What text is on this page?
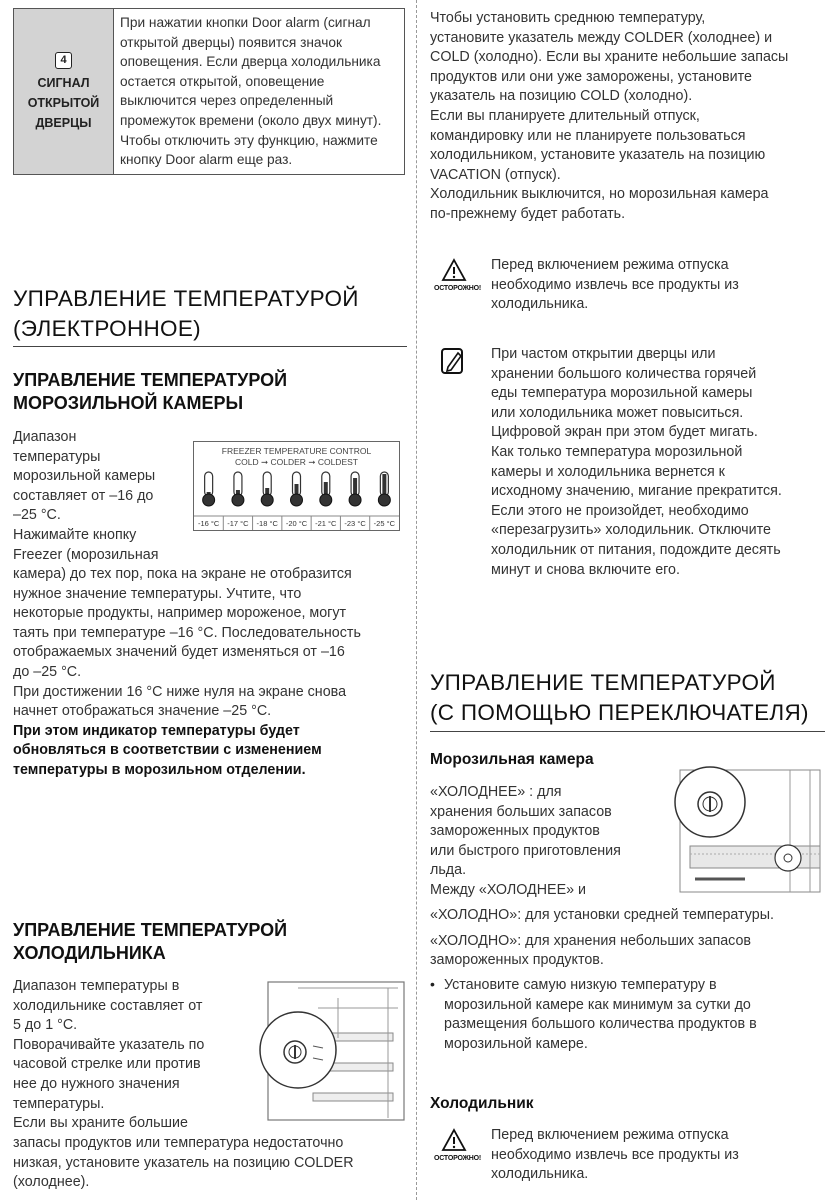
4
СИГНАЛ
ОТКРЫТОЙ
ДВЕРЦЫ	

При нажатии кнопки Door alarm (сигнал

открытой дверцы) появится значок

оповещения. Если дверца холодильника

остается открытой, оповещение

выключится через определенный

промежуток времени (около двух минут).

Чтобы отключить эту функцию, нажмите

кнопку Door alarm еще раз.

УПРАВЛЕНИЕ ТЕМПЕРАТУРОЙ

(ЭЛЕКТРОННОЕ)

УПРАВЛЕНИЕ ТЕМПЕРАТУРОЙ

МОРОЗИЛЬНОЙ КАМЕРЫ

Диапазон

температуры

морозильной камеры

составляет от –16 до

–25 °C.

Нажимайте кнопку

Freezer (морозильная

FREEZER TEMPERATURE CONTROL
COLD ➞ COLDER ➞ COLDEST
-16 °C -17 °C -18 °C -20 °C -21 °C -23 °C -25 °C

камера) до тех пор, пока на экране не отобразится

нужное значение температуры. Учтите, что

некоторые продукты, например мороженое, могут

таять при температуре –16 °C. Последовательность

отображаемых значений будет изменяться от –16

до –25 °C.

При достижении 16 °C ниже нуля на экране снова

начнет отображаться значение –25 °C.

При этом индикатор температуры будет

обновляться в соответствии с изменением

температуры в морозильном отделении.

УПРАВЛЕНИЕ ТЕМПЕРАТУРОЙ

ХОЛОДИЛЬНИКА

Диапазон температуры в

холодильнике составляет от

5 до 1 °C.

Поворачивайте указатель по

часовой стрелке или против

нее до нужного значения

температуры.

Если вы храните большие

запасы продуктов или температура недостаточно

низкая, установите указатель на позицию COLDER

(холоднее).

Чтобы установить среднюю температуру,

установите указатель между COLDER (холоднее) и

COLD (холодно). Если вы храните небольшие запасы

продуктов или они уже заморожены, установите

указатель на позицию COLD (холодно).

Если вы планируете длительный отпуск,

командировку или не планируете пользоваться

холодильником, установите указатель на позицию

VACATION (отпуск).

Холодильник выключится, но морозильная камера

по-прежнему будет работать.

ОСТОРОЖНО!

Перед включением режима отпуска

необходимо извлечь все продукты из

холодильника.

При частом открытии дверцы или

хранении большого количества горячей

еды температура морозильной камеры

или холодильника может повыситься.

Цифровой экран при этом будет мигать.

Как только температура морозильной

камеры и холодильника вернется к

исходному значению, мигание прекратится.

Если этого не произойдет, необходимо

«перезагрузить» холодильник. Отключите

холодильник от питания, подождите десять

минут и снова включите его.

УПРАВЛЕНИЕ ТЕМПЕРАТУРОЙ

(С ПОМОЩЬЮ ПЕРЕКЛЮЧАТЕЛЯ)

Морозильная камера

«ХОЛОДНЕЕ» : для

хранения больших запасов

замороженных продуктов

или быстрого приготовления

льда.

Между «ХОЛОДНЕЕ» и

«ХОЛОДНО»: для установки средней температуры.

«ХОЛОДНО»: для хранения небольших запасов

замороженных продуктов.

• Установите самую низкую температуру в

морозильной камере как минимум за сутки до

размещения большого количества продуктов в

морозильной камере.

Холодильник
ОСТОРОЖНО!

Перед включением режима отпуска

необходимо извлечь все продукты из

холодильника.
